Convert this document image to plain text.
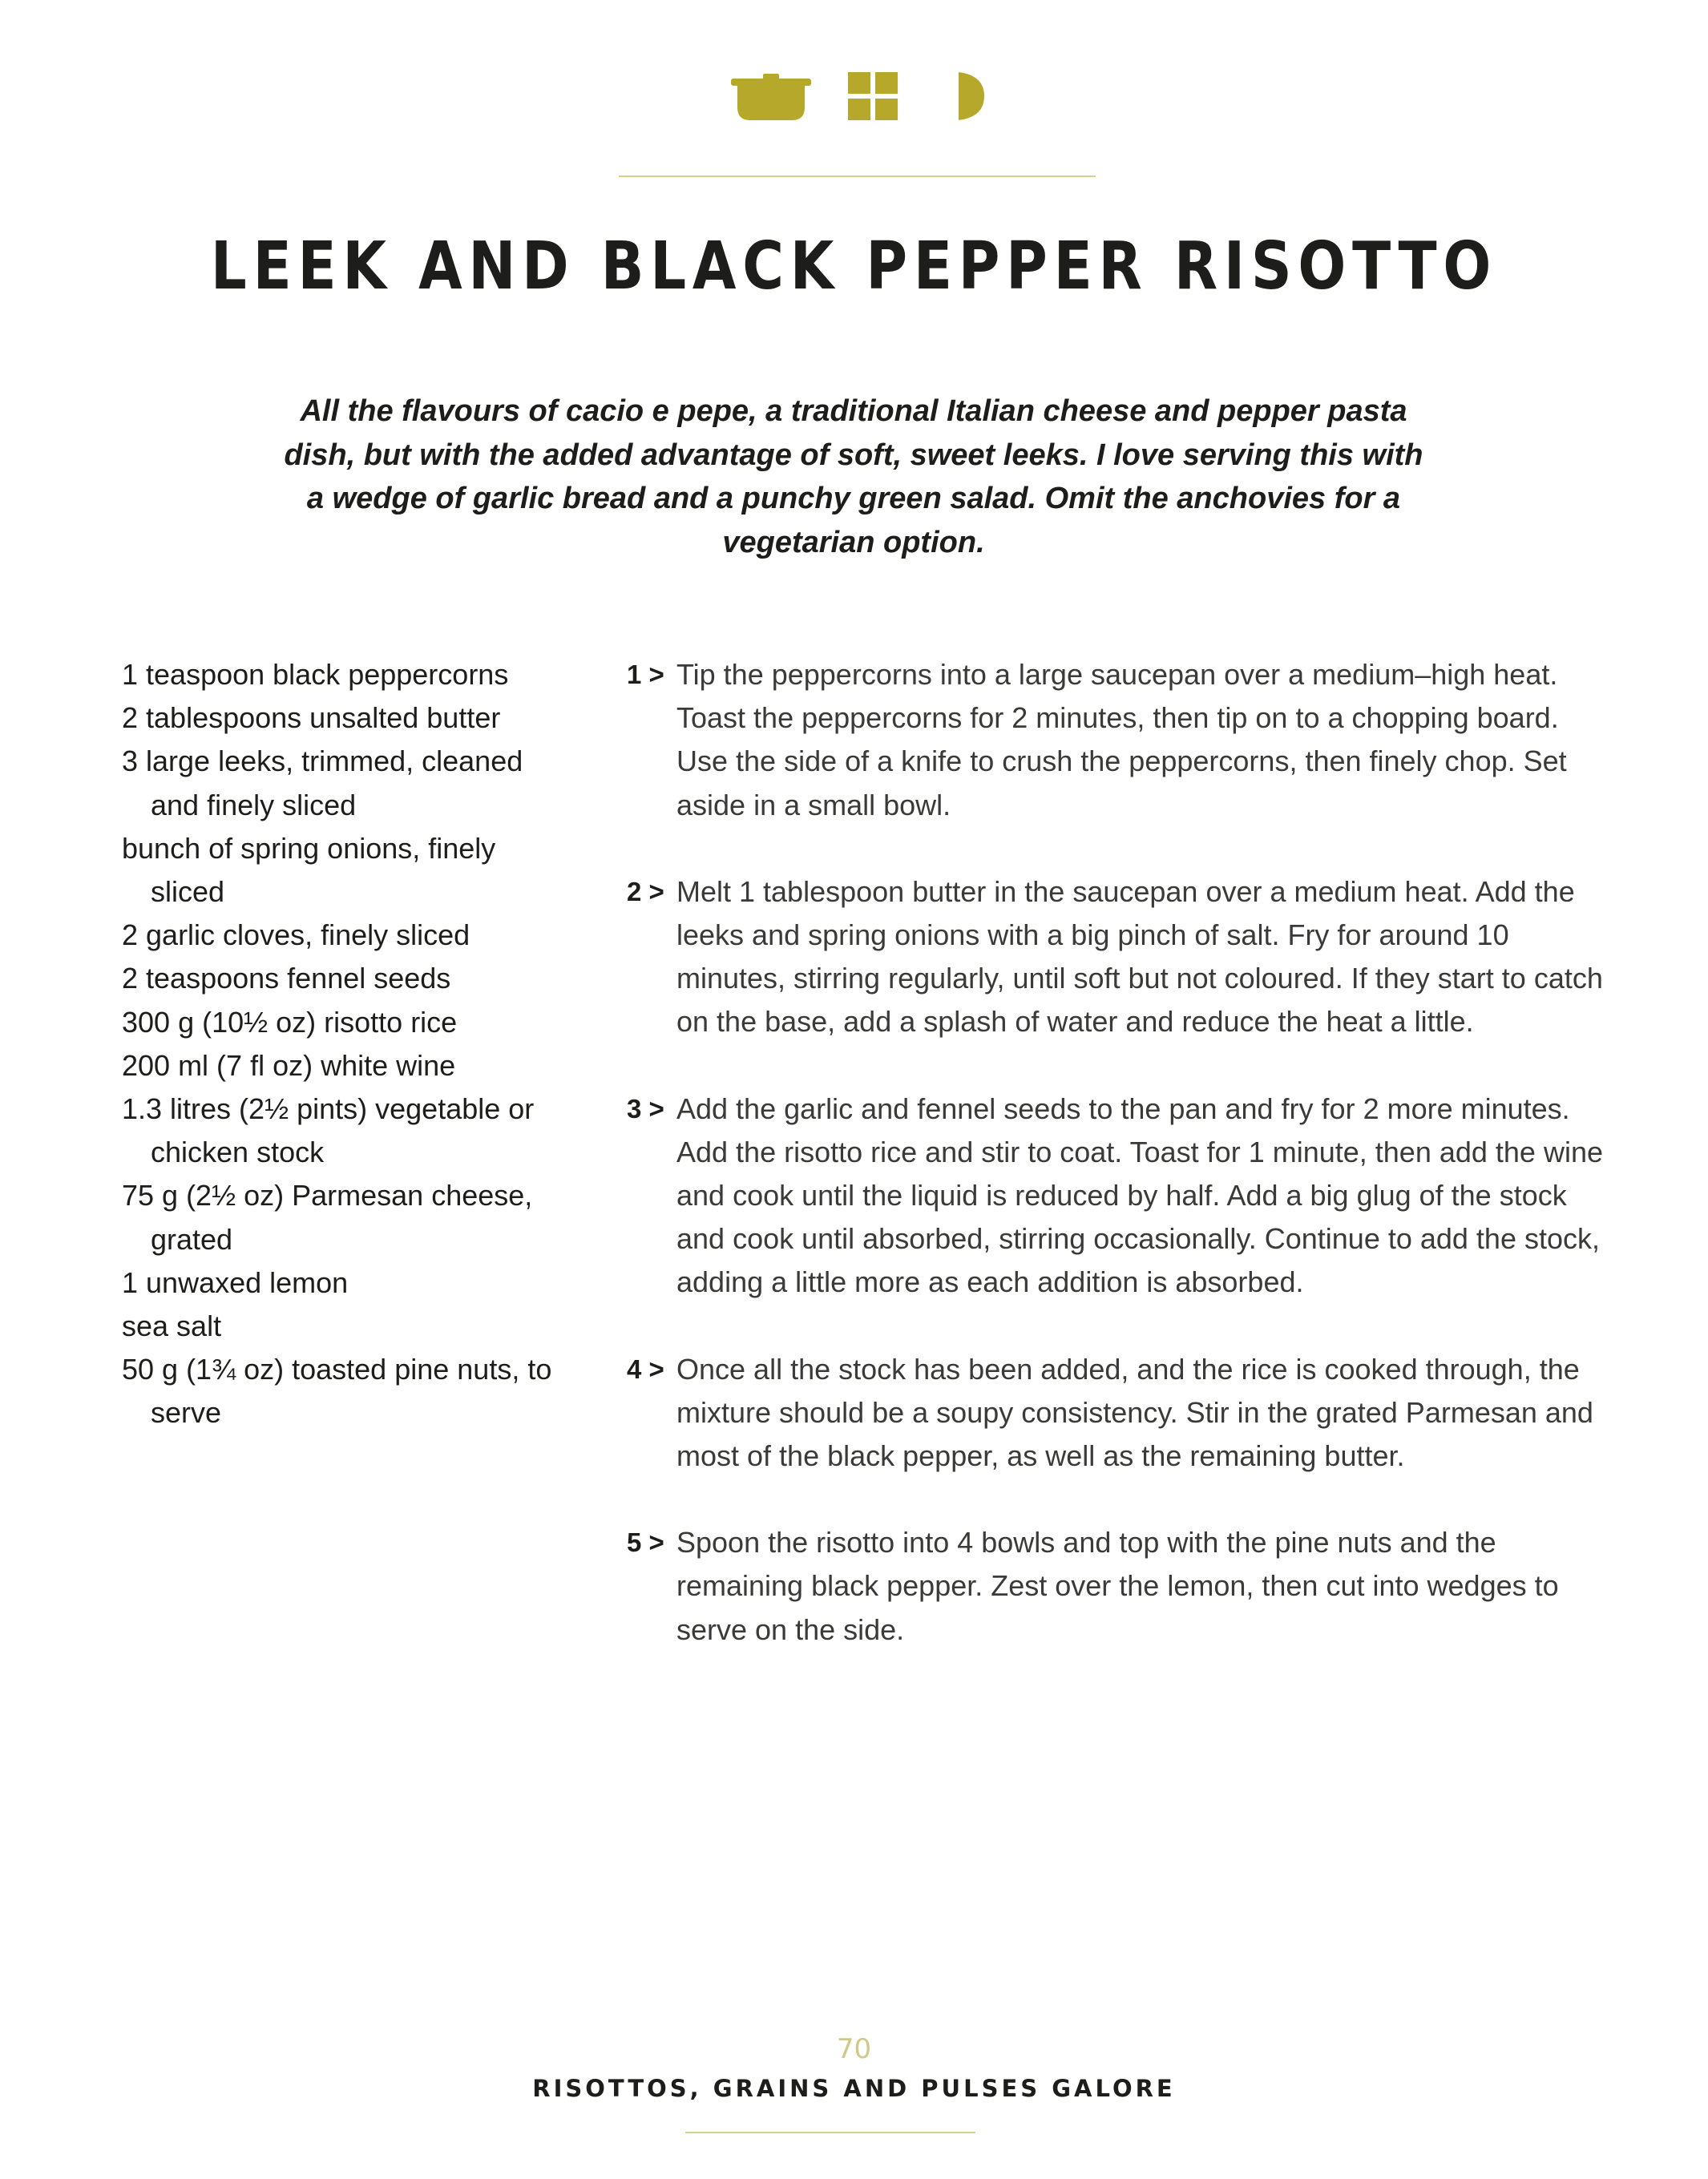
LEEK AND BLACK PEPPER RISOTTO
All the flavours of cacio e pepe, a traditional Italian cheese and pepper pasta dish, but with the added advantage of soft, sweet leeks. I love serving this with a wedge of garlic bread and a punchy green salad. Omit the anchovies for a vegetarian option.
1 teaspoon black peppercorns
2 tablespoons unsalted butter
3 large leeks, trimmed, cleaned and finely sliced
bunch of spring onions, finely sliced
2 garlic cloves, finely sliced
2 teaspoons fennel seeds
300 g (10½ oz) risotto rice
200 ml (7 fl oz) white wine
1.3 litres (2½ pints) vegetable or chicken stock
75 g (2½ oz) Parmesan cheese, grated
1 unwaxed lemon
sea salt
50 g (1¾ oz) toasted pine nuts, to serve
1 > Tip the peppercorns into a large saucepan over a medium–high heat. Toast the peppercorns for 2 minutes, then tip on to a chopping board. Use the side of a knife to crush the peppercorns, then finely chop. Set aside in a small bowl.
2 > Melt 1 tablespoon butter in the saucepan over a medium heat. Add the leeks and spring onions with a big pinch of salt. Fry for around 10 minutes, stirring regularly, until soft but not coloured. If they start to catch on the base, add a splash of water and reduce the heat a little.
3 > Add the garlic and fennel seeds to the pan and fry for 2 more minutes. Add the risotto rice and stir to coat. Toast for 1 minute, then add the wine and cook until the liquid is reduced by half. Add a big glug of the stock and cook until absorbed, stirring occasionally. Continue to add the stock, adding a little more as each addition is absorbed.
4 > Once all the stock has been added, and the rice is cooked through, the mixture should be a soupy consistency. Stir in the grated Parmesan and most of the black pepper, as well as the remaining butter.
5 > Spoon the risotto into 4 bowls and top with the pine nuts and the remaining black pepper. Zest over the lemon, then cut into wedges to serve on the side.
70
RISOTTOS, GRAINS AND PULSES GALORE
